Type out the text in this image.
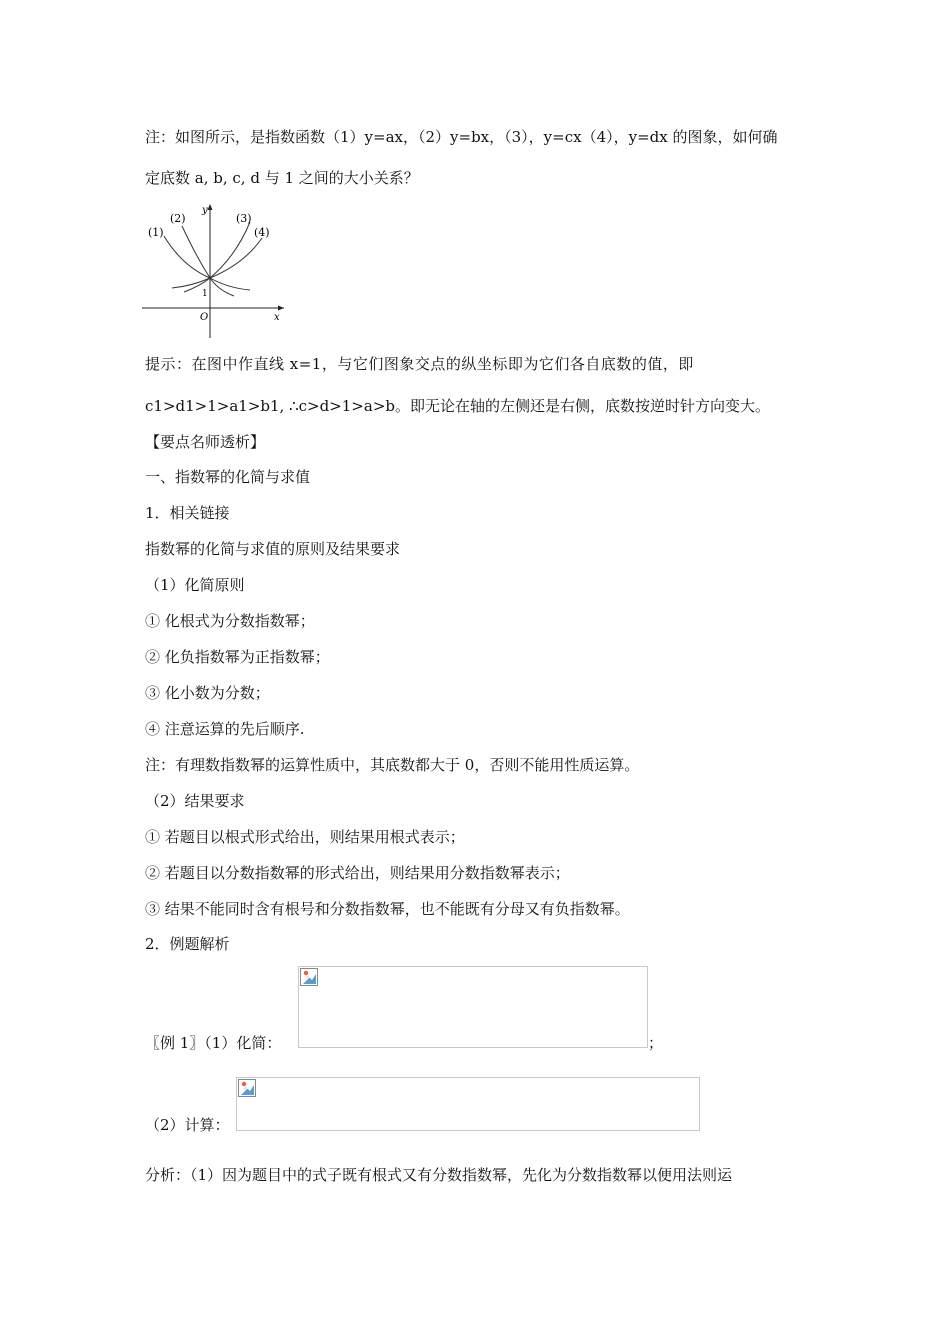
注：如图所示，是指数函数（1）y=ax，（2）y=bx，（3），y=cx（4），y=dx 的图象，如何确
定底数 a, b, c, d 与 1 之间的大小关系？
y
x
O
1
(1)
(2)	(3)
(4)
提示：在图中作直线 x=1，与它们图象交点的纵坐标即为它们各自底数的值，即
c1>d1>1>a1>b1, ∴c>d>1>a>b。即无论在轴的左侧还是右侧，底数按逆时针方向变大。
【要点名师透析】
一、指数幂的化简与求值
1．相关链接
指数幂的化简与求值的原则及结果要求
（1）化简原则
① 化根式为分数指数幂；
② 化负指数幂为正指数幂；
③ 化小数为分数；
④ 注意运算的先后顺序.
注：有理数指数幂的运算性质中，其底数都大于 0，否则不能用性质运算。
（2）结果要求
① 若题目以根式形式给出，则结果用根式表示；
② 若题目以分数指数幂的形式给出，则结果用分数指数幂表示；
③ 结果不能同时含有根号和分数指数幂，也不能既有分母又有负指数幂。
2．例题解析
〖例 1〗（1）化简：	；
（2）计算：
分析：（1）因为题目中的式子既有根式又有分数指数幂，先化为分数指数幂以便用法则运
